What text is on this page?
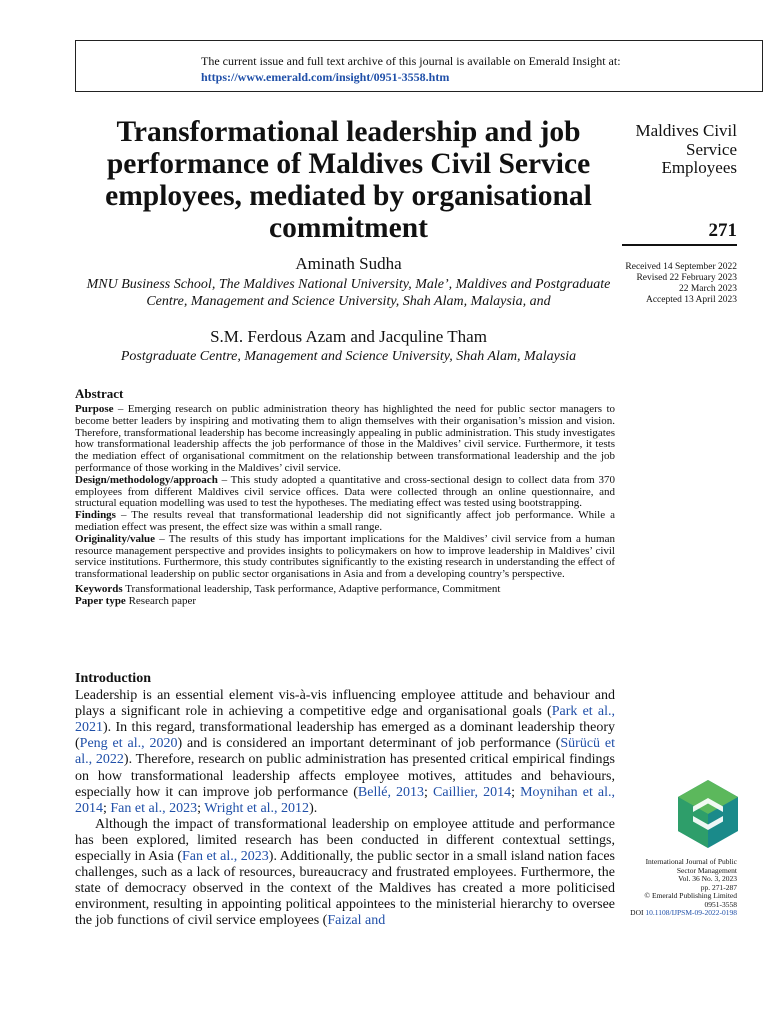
The current issue and full text archive of this journal is available on Emerald Insight at:
https://www.emerald.com/insight/0951-3558.htm
Transformational leadership and job performance of Maldives Civil Service employees, mediated by organisational commitment
Maldives Civil
Service
Employees
271
Received 14 September 2022
Revised 22 February 2023
22 March 2023
Accepted 13 April 2023
Aminath Sudha
MNU Business School, The Maldives National University, Male’, Maldives and Postgraduate Centre, Management and Science University, Shah Alam, Malaysia, and
S.M. Ferdous Azam and Jacquline Tham
Postgraduate Centre, Management and Science University, Shah Alam, Malaysia
Abstract

Purpose – Emerging research on public administration theory has highlighted the need for public sector managers to become better leaders by inspiring and motivating them to align themselves with their organisation’s mission and vision. Therefore, transformational leadership has become increasingly appealing in public administration. This study investigates how transformational leadership affects the job performance of those in the Maldives’ civil service. Furthermore, it tests the mediation effect of organisational commitment on the relationship between transformational leadership and the job performance of those working in the Maldives’ civil service.

Design/methodology/approach – This study adopted a quantitative and cross-sectional design to collect data from 370 employees from different Maldives civil service offices. Data were collected through an online questionnaire, and structural equation modelling was used to test the hypotheses. The mediating effect was tested using bootstrapping.

Findings – The results reveal that transformational leadership did not significantly affect job performance. While a mediation effect was present, the effect size was within a small range.

Originality/value – The results of this study has important implications for the Maldives’ civil service from a human resource management perspective and provides insights to policymakers on how to improve leadership in Maldives’ civil service institutions. Furthermore, this study contributes significantly to the existing research in understanding the effect of transformational leadership on public sector organisations in Asia and from a developing country’s perspective.

Keywords Transformational leadership, Task performance, Adaptive performance, Commitment

Paper type Research paper

Introduction

Leadership is an essential element vis-à-vis influencing employee attitude and behaviour and plays a significant role in achieving a competitive edge and organisational goals (Park et al., 2021). In this regard, transformational leadership has emerged as a dominant leadership theory (Peng et al., 2020) and is considered an important determinant of job performance (Sürücü et al., 2022). Therefore, research on public administration has presented critical empirical findings on how transformational leadership affects employee motives, attitudes and behaviours, especially how it can improve job performance (Bellé, 2013; Caillier, 2014; Moynihan et al., 2014; Fan et al., 2023; Wright et al., 2012).

Although the impact of transformational leadership on employee attitude and performance has been explored, limited research has been conducted in different contextual settings, especially in Asia (Fan et al., 2023). Additionally, the public sector in a small island nation faces challenges, such as a lack of resources, bureaucracy and frustrated employees. Furthermore, the state of democracy observed in the context of the Maldives has created a more politicised environment, resulting in appointing political appointees to the ministerial hierarchy to oversee the job functions of civil service employees (Faizal and

International Journal of Public
Sector Management
Vol. 36 No. 3, 2023
pp. 271-287
© Emerald Publishing Limited
0951-3558
DOI 10.1108/IJPSM-09-2022-0198
